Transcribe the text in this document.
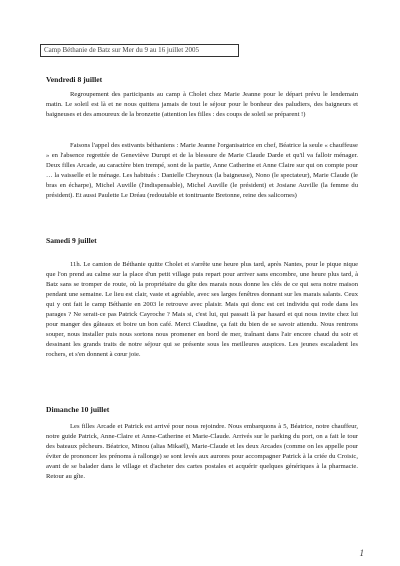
Camp Béthanie de Batz sur Mer du 9 au 16 juillet 2005
Vendredi 8 juillet

Regroupement des participants au camp à Cholet chez Marie Jeanne pour le départ prévu le lendemain matin. Le soleil est là et ne nous quittera jamais de tout le séjour pour le bonheur des paludiers, des baigneurs et baigneuses et des amoureux de la bronzette (attention les filles : des coups de soleil se préparent !)

Faisons l'appel des estivants béthaniens : Marie Jeanne l'organisatrice en chef, Béatrice la seule « chauffeuse » en l'absence regrettée de Geneviève Durupt et de la blessure de Marie Claude Darde et qu'il va falloir ménager. Deux filles Arcade, au caractère bien trempé, sont de la partie, Anne Catherine et Anne Claire sur qui on compte pour … la vaisselle et le ménage. Les habitués : Danielle Cheynoux (la baigneuse), Nono (le spectateur), Marie Claude (le bras en écharpe), Michel Auville (l'indispensable), Michel Auville (le président) et Josiane Auville (la femme du président). Et aussi Paulette Le Dréau (redoutable et tonitruante Bretonne, reine des salicornes)

Samedi 9 juillet

11h. Le camion de Béthanie quitte Cholet et s'arrête une heure plus tard, après Nantes, pour le pique nique que l'on prend au calme sur la place d'un petit village puis repart pour arriver sans encombre, une heure plus tard, à Batz sans se tromper de route, où la propriétaire du gîte des marais nous donne les clés de ce qui sera notre maison pendant une semaine. Le lieu est clair, vaste et agréable, avec ses larges fenêtres donnant sur les marais salants. Ceux qui y ont fait le camp Béthanie en 2003 le retrouve avec plaisir. Mais qui donc est cet individu qui rode dans les parages ? Ne serait-ce pas Patrick Cayroche ? Mais si, c'est lui, qui passait là par hasard et qui nous invite chez lui pour manger des gâteaux et boire un bon café. Merci Claudine, ça fait du bien de se savoir attendu. Nous rentrons souper, nous installer puis nous sortons nous promener en bord de mer, traînant dans l'air encore chaud du soir et dessinant les grands traits de notre séjour qui se présente sous les meilleures auspices. Les jeunes escaladent les rochers, et s'en donnent à cœur joie.

Dimanche 10 juillet

Les filles Arcade et Patrick est arrivé pour nous rejoindre. Nous embarquons à 5, Béatrice, notre chauffeur, notre guide Patrick, Anne-Claire et Anne-Catherine et Marie-Claude. Arrivés sur le parking du port, on a fait le tour des bateaux pêcheurs. Béatrice, Minou (alias Mikaël), Marie-Claude et les deux Arcades (comme on les appelle pour éviter de prononcer les prénoms à rallonge) se sont levés aux aurores pour accompagner Patrick à la criée du Croisic, avant de se balader dans le village et d'acheter des cartes postales et acquérir quelques génériques à la pharmacie. Retour au gîte.

1
